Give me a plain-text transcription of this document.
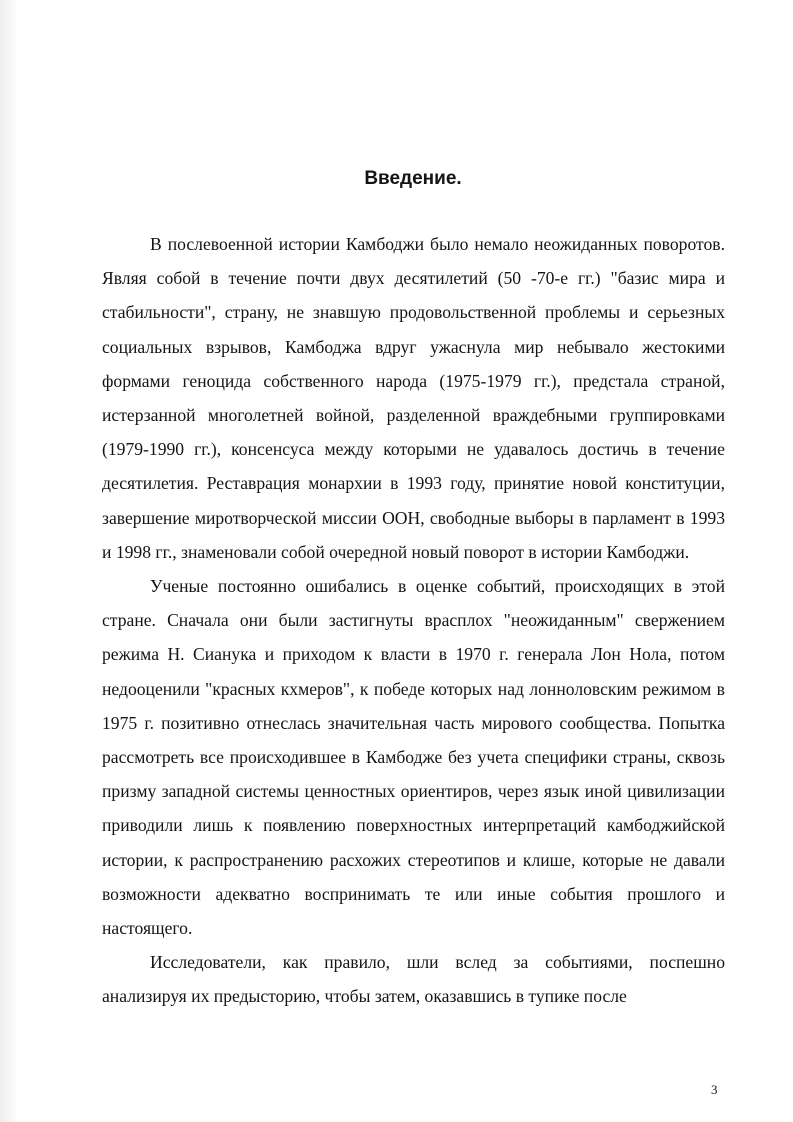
Введение.

В послевоенной истории Камбоджи было немало неожиданных поворотов. Являя собой в течение почти двух десятилетий (50 -70-е гг.) "базис мира и стабильности", страну, не знавшую продовольственной проблемы и серьезных социальных взрывов, Камбоджа вдруг ужаснула мир небывало жестокими формами геноцида собственного народа (1975-1979 гг.), предстала страной, истерзанной многолетней войной, разделенной враждебными группировками (1979-1990 гг.), консенсуса между которыми не удавалось достичь в течение десятилетия. Реставрация монархии в 1993 году, принятие новой конституции, завершение миротворческой миссии ООН, свободные выборы в парламент в 1993 и 1998 гг., знаменовали собой очередной новый поворот в истории Камбоджи.

Ученые постоянно ошибались в оценке событий, происходящих в этой стране. Сначала они были застигнуты врасплох "неожиданным" свержением режима Н. Сианука и приходом к власти в 1970 г. генерала Лон Нола, потом недооценили "красных кхмеров", к победе которых над лонноловским режимом в 1975 г. позитивно отнеслась значительная часть мирового сообщества. Попытка рассмотреть все происходившее в Камбодже без учета специфики страны, сквозь призму западной системы ценностных ориентиров, через язык иной цивилизации приводили лишь к появлению поверхностных интерпретаций камбоджийской истории, к распространению расхожих стереотипов и клише, которые не давали возможности адекватно воспринимать те или иные события прошлого и настоящего.

Исследователи, как правило, шли вслед за событиями, поспешно анализируя их предысторию, чтобы затем, оказавшись в тупике после

3
